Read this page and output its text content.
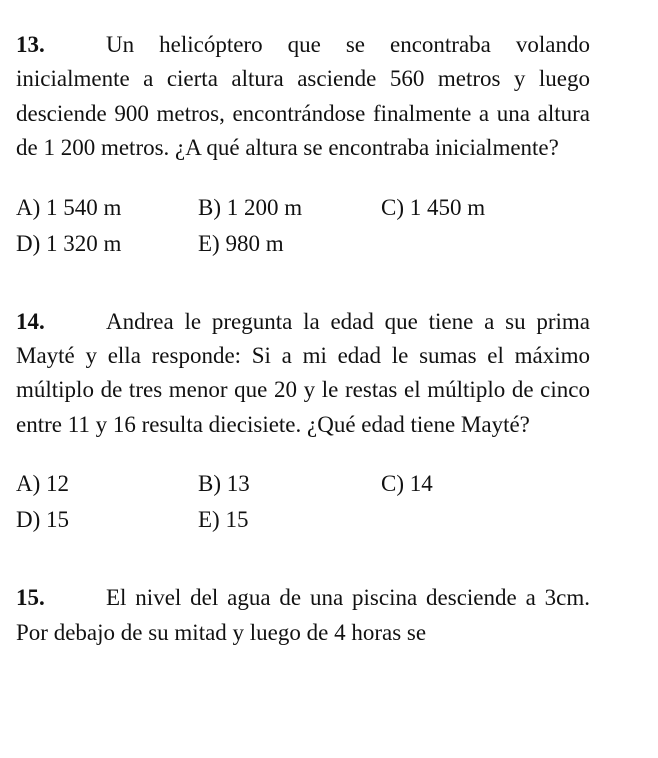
13.	Un helicóptero que se encontraba volando inicialmente a cierta altura asciende 560 metros y luego desciende 900 metros, encontrándose finalmente a una altura de 1 200 metros. ¿A qué altura se encontraba inicialmente?

A) 1 540 m	B) 1 200 m	C) 1 450 m
D) 1 320 m	E) 980 m

14.	Andrea le pregunta la edad que tiene a su prima Mayté y ella responde: Si a mi edad le sumas el máximo múltiplo de tres menor que 20 y le restas el múltiplo de cinco entre 11 y 16 resulta diecisiete. ¿Qué edad tiene Mayté?

A) 12	B) 13	C) 14
D) 15	E) 15

15.	El nivel del agua de una piscina desciende a 3cm. Por debajo de su mitad y luego de 4 horas se
